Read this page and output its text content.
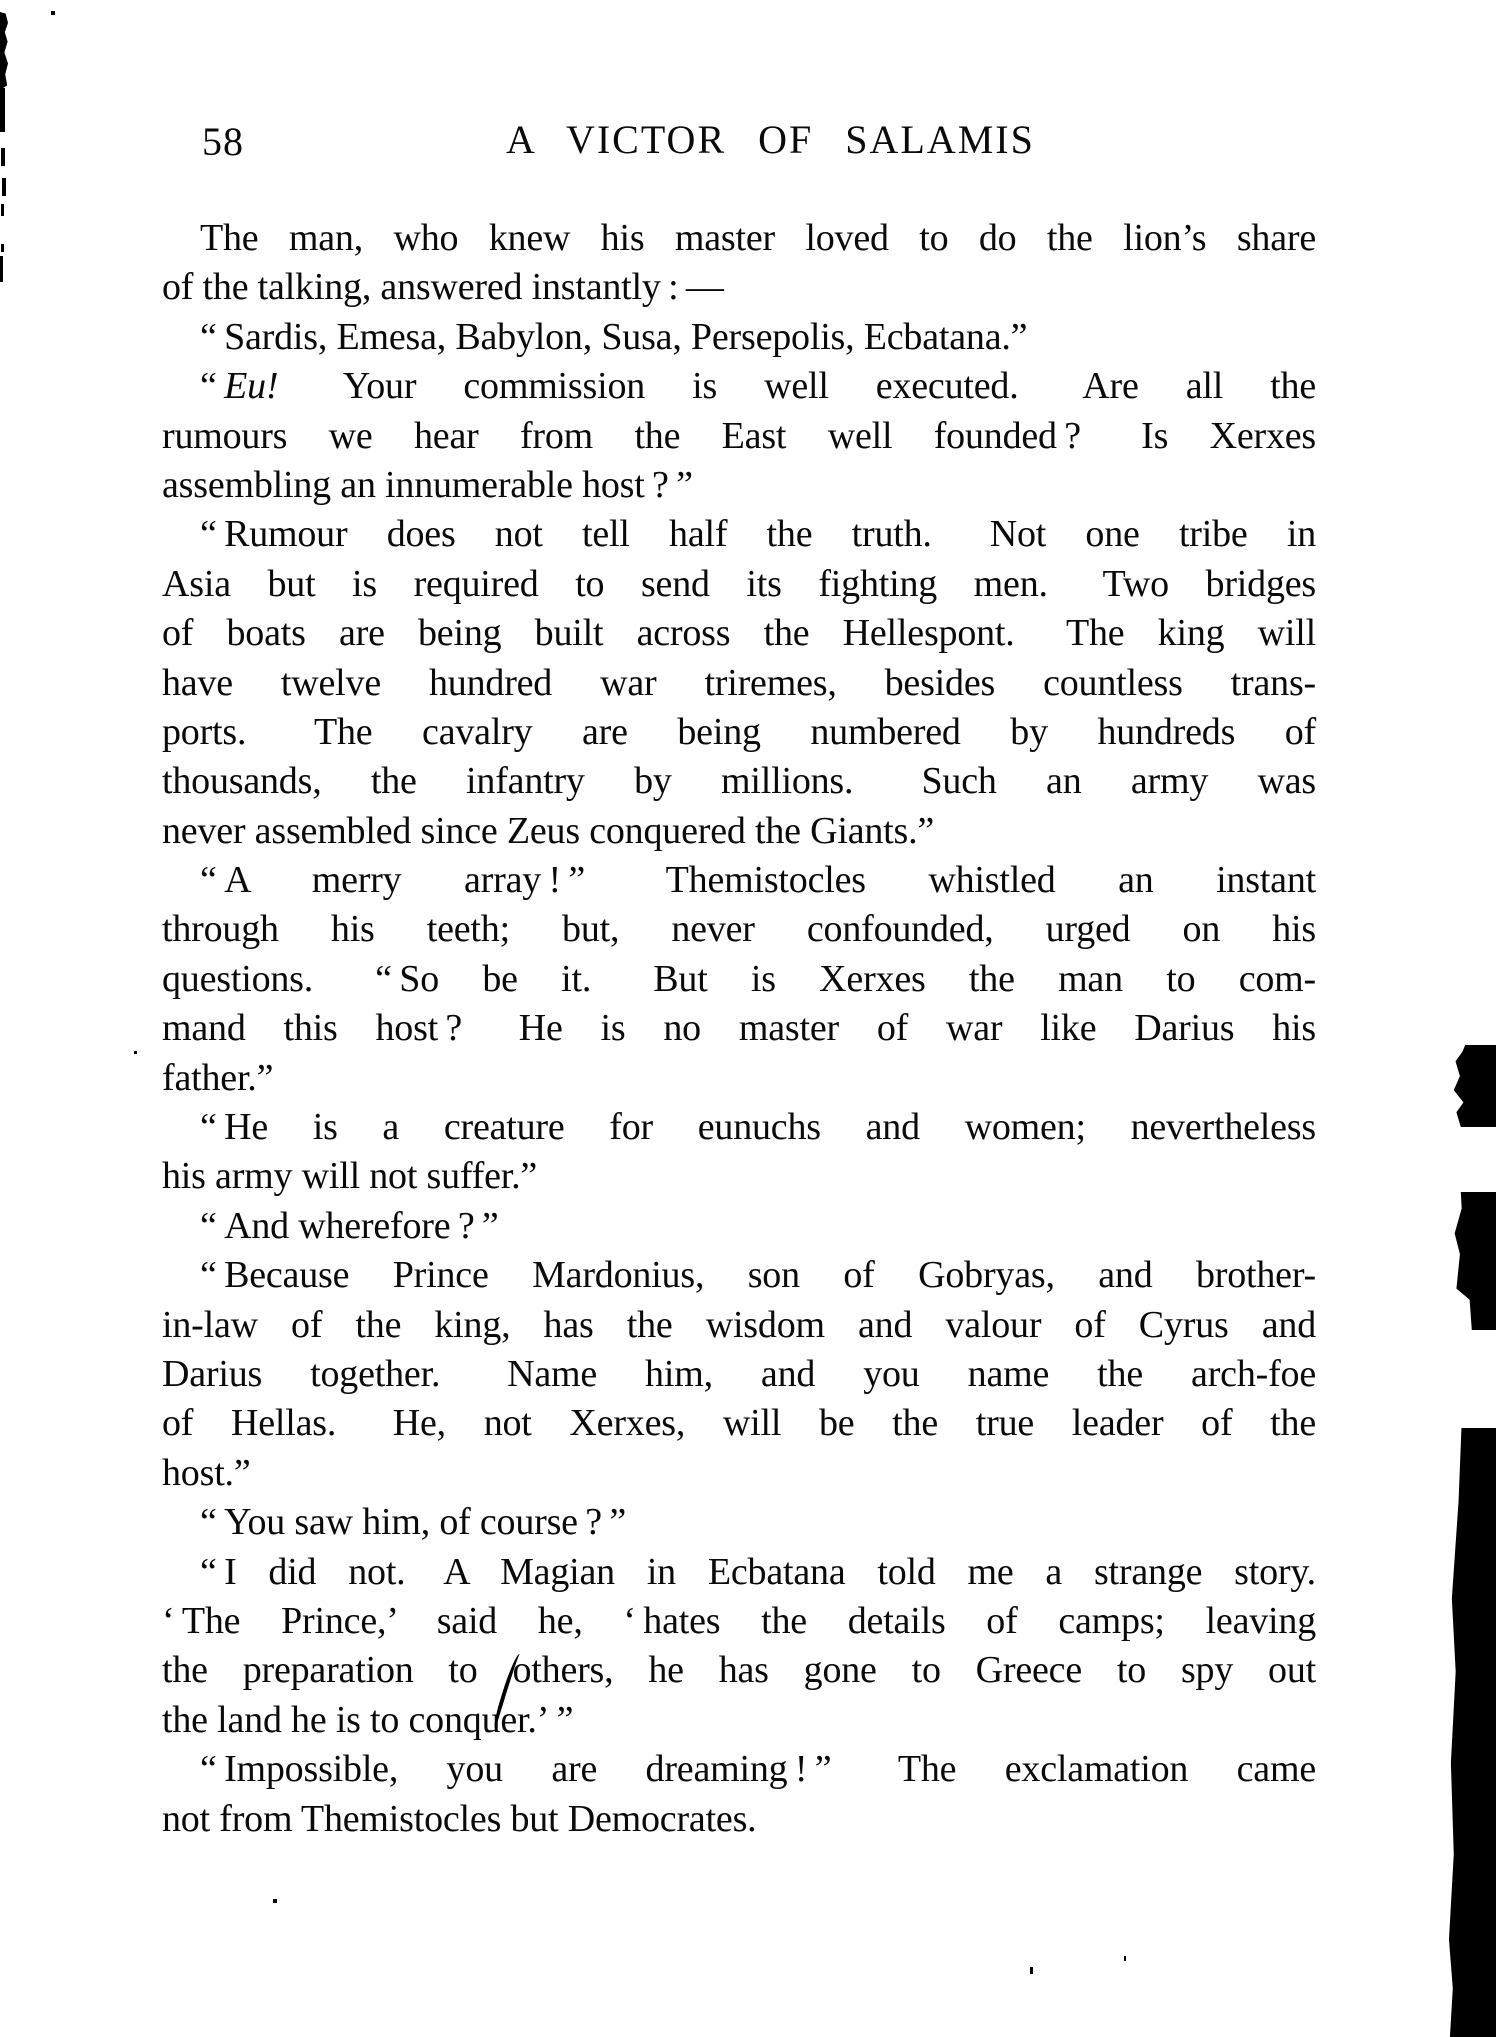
58	A VICTOR OF SALAMIS
The man, who knew his master loved to do the lion’s share
of the talking, answered instantly : —
“ Sardis, Emesa, Babylon, Susa, Persepolis, Ecbatana.”
“ Eu!  Your commission is well executed.  Are all the
rumours we hear from the East well founded ?  Is Xerxes
assembling an innumerable host ? ”
“ Rumour does not tell half the truth.  Not one tribe in
Asia but is required to send its fighting men.  Two bridges
of boats are being built across the Hellespont.  The king will
have twelve hundred war triremes, besides countless trans-
ports.  The cavalry are being numbered by hundreds of
thousands, the infantry by millions.  Such an army was
never assembled since Zeus conquered the Giants.”
“ A merry array ! ”  Themistocles whistled an instant
through his teeth; but, never confounded, urged on his
questions.  “ So be it.  But is Xerxes the man to com-
mand this host ?  He is no master of war like Darius his
father.”
“ He is a creature for eunuchs and women; nevertheless
his army will not suffer.”
“ And wherefore ? ”
“ Because Prince Mardonius, son of Gobryas, and brother-
in-law of the king, has the wisdom and valour of Cyrus and
Darius together.  Name him, and you name the arch-foe
of Hellas.  He, not Xerxes, will be the true leader of the
host.”
“ You saw him, of course ? ”
“ I did not.  A Magian in Ecbatana told me a strange story.
‘ The Prince,’ said he, ‘ hates the details of camps; leaving
the preparation to others, he has gone to Greece to spy out
the land he is to conquer.’ ”
“ Impossible, you are dreaming ! ”  The exclamation came
not from Themistocles but Democrates.
